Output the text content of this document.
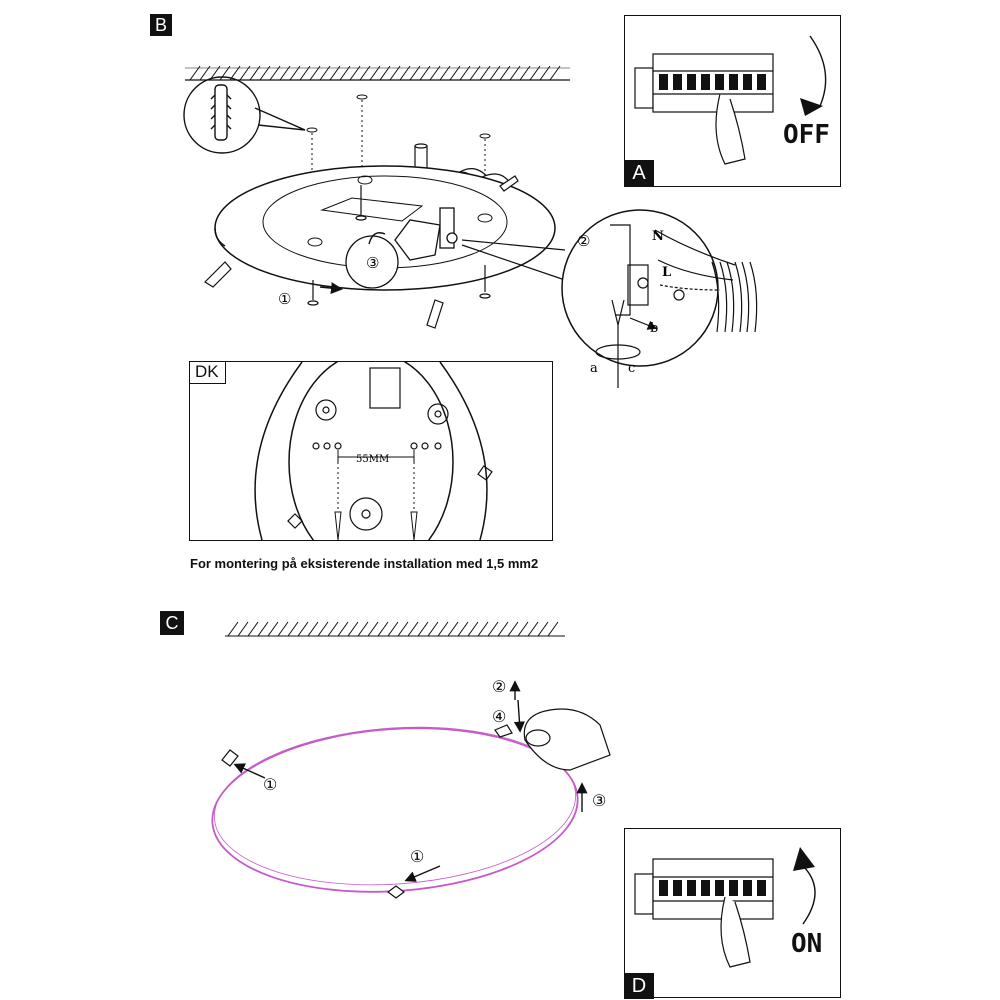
B
③
①
②	N
L
a
b
c
①
①
③
②
④
OFF
A
55MM
DK
For montering på eksisterende installation med 1,5 mm2
C
ON
D
